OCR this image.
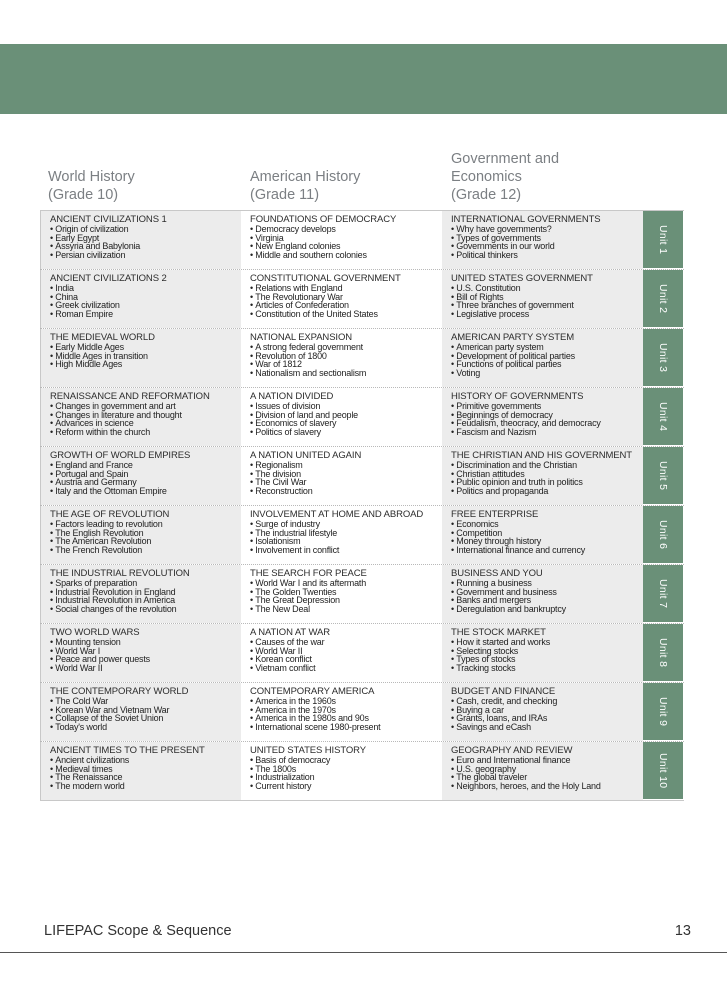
World History
(Grade 10)
American History
(Grade 11)
Government and
Economics
(Grade 12)
ANCIENT CIVILIZATIONS 1
• Origin of civilization
• Early Egypt
• Assyria and Babylonia
• Persian civilization
FOUNDATIONS OF DEMOCRACY
• Democracy develops
• Virginia
• New England colonies
• Middle and southern colonies
INTERNATIONAL GOVERNMENTS
• Why have governments?
• Types of governments
• Governments in our world
• Political thinkers
Unit 1
ANCIENT CIVILIZATIONS 2
• India
• China
• Greek civilization
• Roman Empire
CONSTITUTIONAL GOVERNMENT
• Relations with England
• The Revolutionary War
• Articles of Confederation
• Constitution of the United States
UNITED STATES GOVERNMENT
• U.S. Constitution
• Bill of Rights
• Three branches of government
• Legislative process
Unit 2
THE MEDIEVAL WORLD
• Early Middle Ages
• Middle Ages in transition
• High Middle Ages
NATIONAL EXPANSION
• A strong federal government
• Revolution of 1800
• War of 1812
• Nationalism and sectionalism
AMERICAN PARTY SYSTEM
• American party system
• Development of political parties
• Functions of political parties
• Voting
Unit 3
RENAISSANCE AND REFORMATION
• Changes in government and art
• Changes in literature and thought
• Advances in science
• Reform within the church
A NATION DIVIDED
• Issues of division
• Division of land and people
• Economics of slavery
• Politics of slavery
HISTORY OF GOVERNMENTS
• Primitive governments
• Beginnings of democracy
• Feudalism, theocracy, and democracy
• Fascism and Nazism
Unit 4
GROWTH OF WORLD EMPIRES
• England and France
• Portugal and Spain
• Austria and Germany
• Italy and the Ottoman Empire
A NATION UNITED AGAIN
• Regionalism
• The division
• The Civil War
• Reconstruction
THE CHRISTIAN AND HIS GOVERNMENT
• Discrimination and the Christian
• Christian attitudes
• Public opinion and truth in politics
• Politics and propaganda
Unit 5
THE AGE OF REVOLUTION
• Factors leading to revolution
• The English Revolution
• The American Revolution
• The French Revolution
INVOLVEMENT AT HOME AND ABROAD
• Surge of industry
• The industrial lifestyle
• Isolationism
• Involvement in conflict
FREE ENTERPRISE
• Economics
• Competition
• Money through history
• International finance and currency
Unit 6
THE INDUSTRIAL REVOLUTION
• Sparks of preparation
• Industrial Revolution in England
• Industrial Revolution in America
• Social changes of the revolution
THE SEARCH FOR PEACE
• World War I and its aftermath
• The Golden Twenties
• The Great Depression
• The New Deal
BUSINESS AND YOU
• Running a business
• Government and business
• Banks and mergers
• Deregulation and bankruptcy
Unit 7
TWO WORLD WARS
• Mounting tension
• World War I
• Peace and power quests
• World War II
A NATION AT WAR
• Causes of the war
• World War II
• Korean conflict
• Vietnam conflict
THE STOCK MARKET
• How it started and works
• Selecting stocks
• Types of stocks
• Tracking stocks
Unit 8
THE CONTEMPORARY WORLD
• The Cold War
• Korean War and Vietnam War
• Collapse of the Soviet Union
• Today's world
CONTEMPORARY AMERICA
• America in the 1960s
• America in the 1970s
• America in the 1980s and 90s
• International scene 1980-present
BUDGET AND FINANCE
• Cash, credit, and checking
• Buying a car
• Grants, loans, and IRAs
• Savings and eCash
Unit 9
ANCIENT TIMES TO THE PRESENT
• Ancient civilizations
• Medieval times
• The Renaissance
• The modern world
UNITED STATES HISTORY
• Basis of democracy
• The 1800s
• Industrialization
• Current history
GEOGRAPHY AND REVIEW
• Euro and International finance
• U.S. geography
• The global traveler
• Neighbors, heroes, and the Holy Land	Unit 10
LIFEPAC Scope & Sequence	13
